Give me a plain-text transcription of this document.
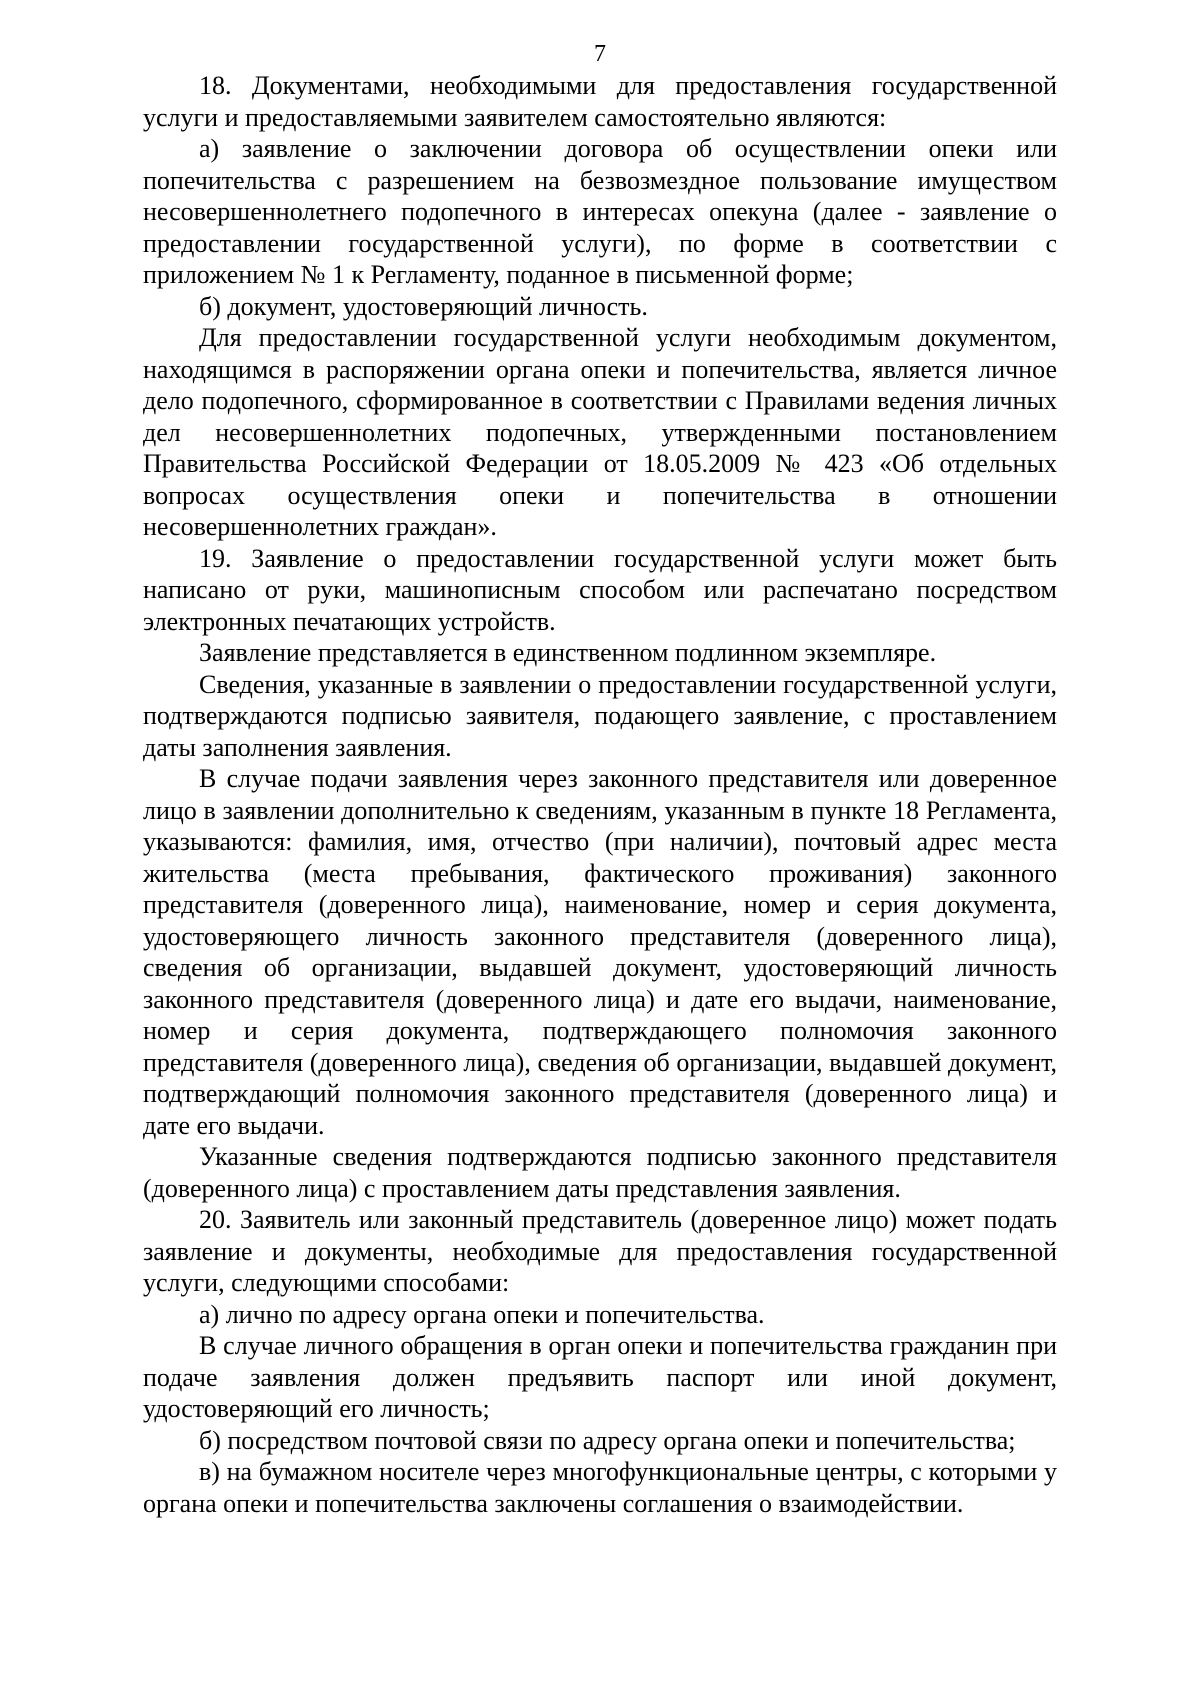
7

18. Документами, необходимыми для предоставления государственной услуги и предоставляемыми заявителем самостоятельно являются:

а) заявление о заключении договора об осуществлении опеки или попечительства с разрешением на безвозмездное пользование имуществом несовершеннолетнего подопечного в интересах опекуна (далее - заявление о предоставлении государственной услуги), по форме в соответствии с приложением № 1 к Регламенту, поданное в письменной форме;

б) документ, удостоверяющий личность.

Для предоставлении государственной услуги необходимым документом, находящимся в распоряжении органа опеки и попечительства, является личное дело подопечного, сформированное в соответствии с Правилами ведения личных дел несовершеннолетних подопечных, утвержденными постановлением Правительства Российской Федерации от 18.05.2009 № 423 «Об отдельных вопросах осуществления опеки и попечительства в отношении несовершеннолетних граждан».

19. Заявление о предоставлении государственной услуги может быть написано от руки, машинописным способом или распечатано посредством электронных печатающих устройств.

Заявление представляется в единственном подлинном экземпляре.

Сведения, указанные в заявлении о предоставлении государственной услуги, подтверждаются подписью заявителя, подающего заявление, с проставлением даты заполнения заявления.

В случае подачи заявления через законного представителя или доверенное лицо в заявлении дополнительно к сведениям, указанным в пункте 18 Регламента, указываются: фамилия, имя, отчество (при наличии), почтовый адрес места жительства (места пребывания, фактического проживания) законного представителя (доверенного лица), наименование, номер и серия документа, удостоверяющего личность законного представителя (доверенного лица), сведения об организации, выдавшей документ, удостоверяющий личность законного представителя (доверенного лица) и дате его выдачи, наименование, номер и серия документа, подтверждающего полномочия законного представителя (доверенного лица), сведения об организации, выдавшей документ, подтверждающий полномочия законного представителя (доверенного лица) и дате его выдачи.

Указанные сведения подтверждаются подписью законного представителя (доверенного лица) с проставлением даты представления заявления.

20. Заявитель или законный представитель (доверенное лицо) может подать заявление и документы, необходимые для предоставления государственной услуги, следующими способами:

а) лично по адресу органа опеки и попечительства.

В случае личного обращения в орган опеки и попечительства гражданин при подаче заявления должен предъявить паспорт или иной документ, удостоверяющий его личность;

б) посредством почтовой связи по адресу органа опеки и попечительства;

в) на бумажном носителе через многофункциональные центры, с которыми у органа опеки и попечительства заключены соглашения о взаимодействии.
